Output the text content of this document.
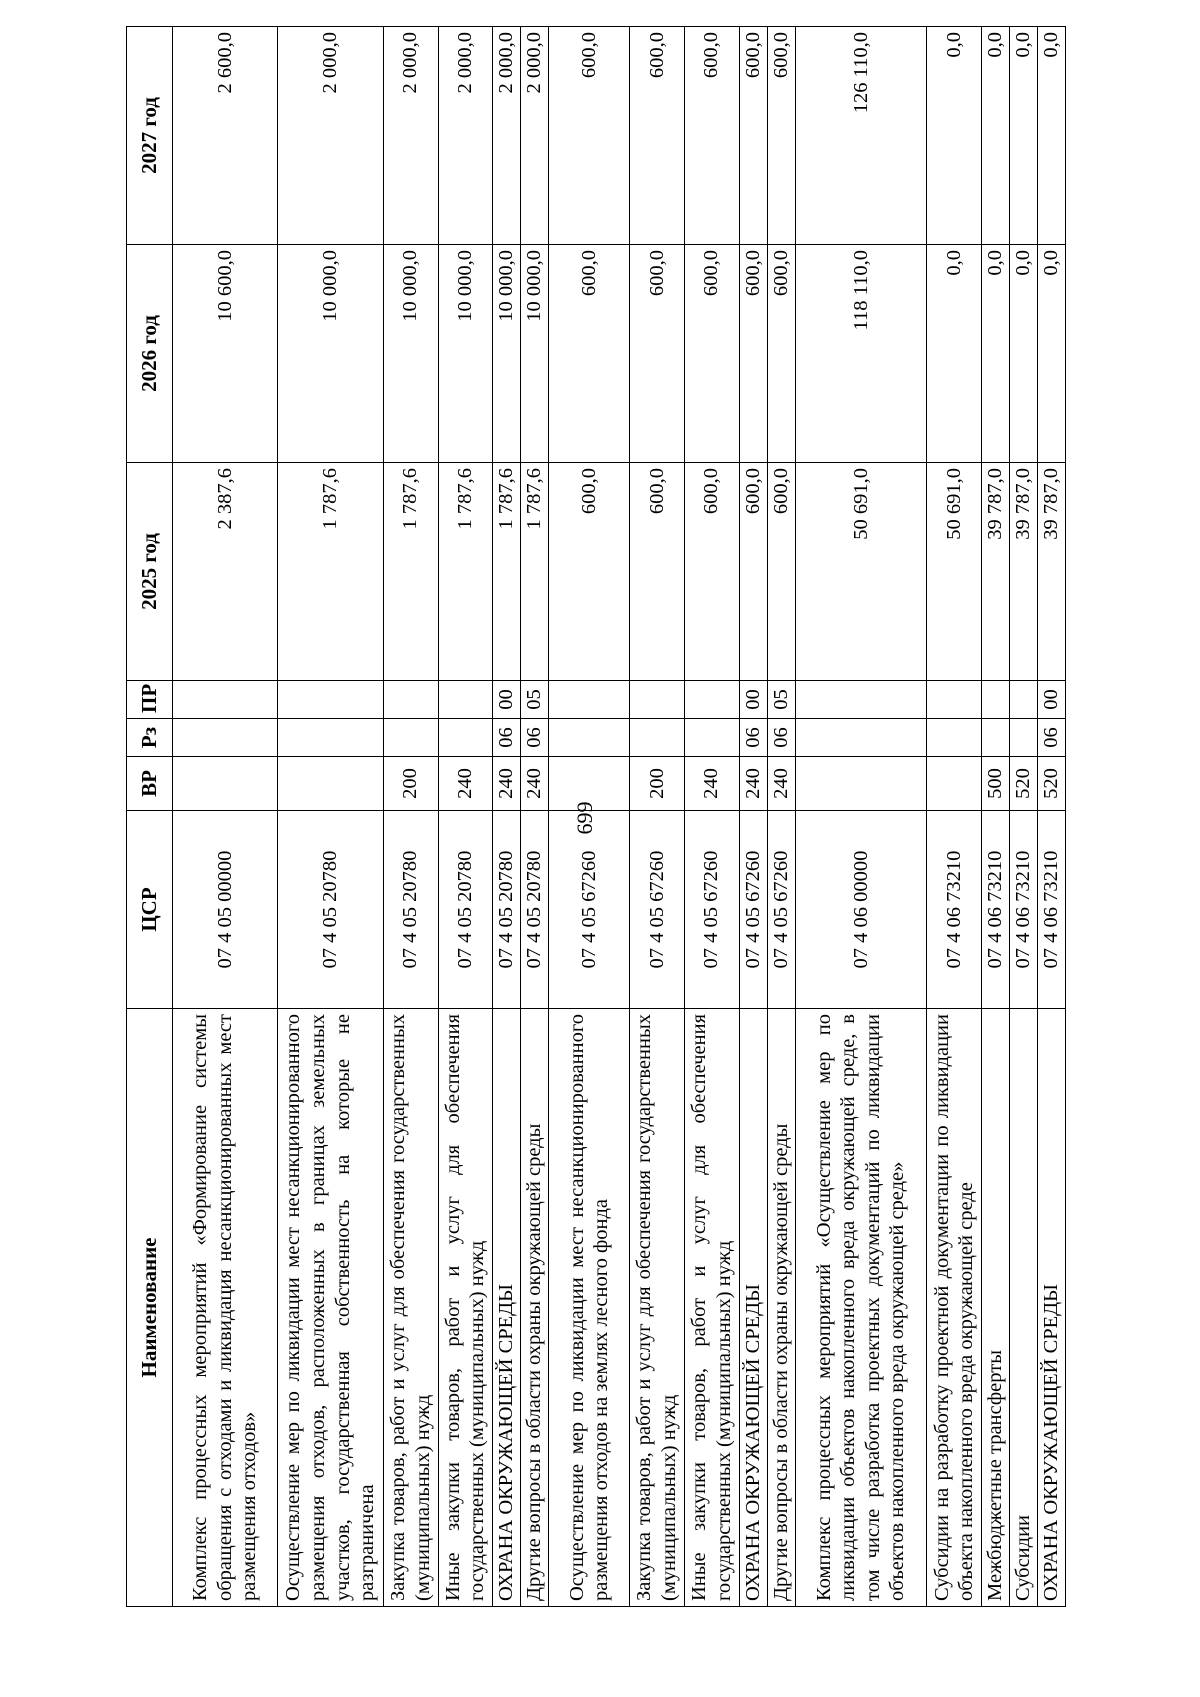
699
Наименование	ЦСР	ВР	Рз	ПР	2025 год	2026 год	2027 год
Комплекс процессных мероприятий «Формирование системы обращения с отходами и ликвидация несанкционированных мест размещения отходов»	07 4 05 00000				2 387,6	10 600,0	2 600,0
Осуществление мер по ликвидации мест несанкционированного размещения отходов, расположенных в границах земельных участков, государственная собственность на которые не разграничена	07 4 05 20780				1 787,6	10 000,0	2 000,0
Закупка товаров, работ и услуг для обеспечения государственных (муниципальных) нужд	07 4 05 20780	200			1 787,6	10 000,0	2 000,0
Иные закупки товаров, работ и услуг для обеспечения государственных (муниципальных) нужд	07 4 05 20780	240			1 787,6	10 000,0	2 000,0
ОХРАНА ОКРУЖАЮЩЕЙ СРЕДЫ	07 4 05 20780	240	06	00	1 787,6	10 000,0	2 000,0
Другие вопросы в области охраны окружающей среды	07 4 05 20780	240	06	05	1 787,6	10 000,0	2 000,0
Осуществление мер по ликвидации мест несанкционированного размещения отходов на землях лесного фонда	07 4 05 67260				600,0	600,0	600,0
Закупка товаров, работ и услуг для обеспечения государственных (муниципальных) нужд	07 4 05 67260	200			600,0	600,0	600,0
Иные закупки товаров, работ и услуг для обеспечения государственных (муниципальных) нужд	07 4 05 67260	240			600,0	600,0	600,0
ОХРАНА ОКРУЖАЮЩЕЙ СРЕДЫ	07 4 05 67260	240	06	00	600,0	600,0	600,0
Другие вопросы в области охраны окружающей среды	07 4 05 67260	240	06	05	600,0	600,0	600,0
Комплекс процессных мероприятий «Осуществление мер по ликвидации объектов накопленного вреда окружающей среде, в том числе разработка проектных документаций по ликвидации объектов накопленного вреда окружающей среде»	07 4 06 00000				50 691,0	118 110,0	126 110,0
Субсидии на разработку проектной документации по ликвидации объекта накопленного вреда окружающей среде	07 4 06 73210				50 691,0	0,0	0,0
Межбюджетные трансферты	07 4 06 73210	500			39 787,0	0,0	0,0
Субсидии	07 4 06 73210	520			39 787,0	0,0	0,0
ОХРАНА ОКРУЖАЮЩЕЙ СРЕДЫ	07 4 06 73210	520	06	00	39 787,0	0,0	0,0
